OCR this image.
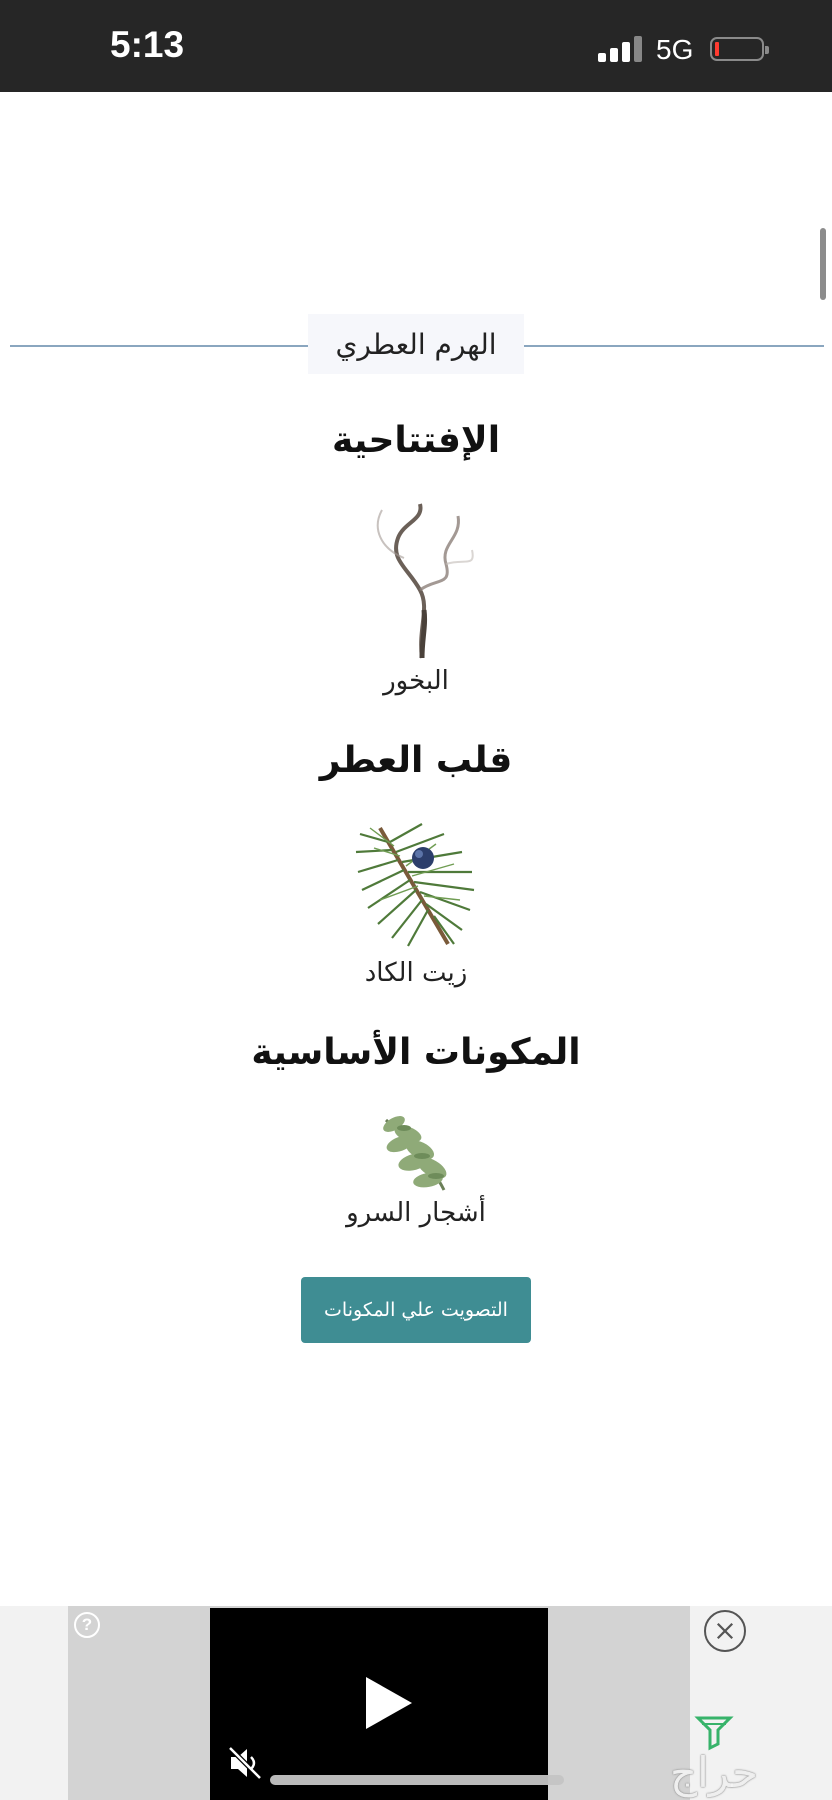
5:13	5G
الهرم العطري
الإفتتاحية
البخور
قلب العطر
زيت الكاد
المكونات الأساسية
أشجار السرو
التصويت علي المكونات
?
حراج
